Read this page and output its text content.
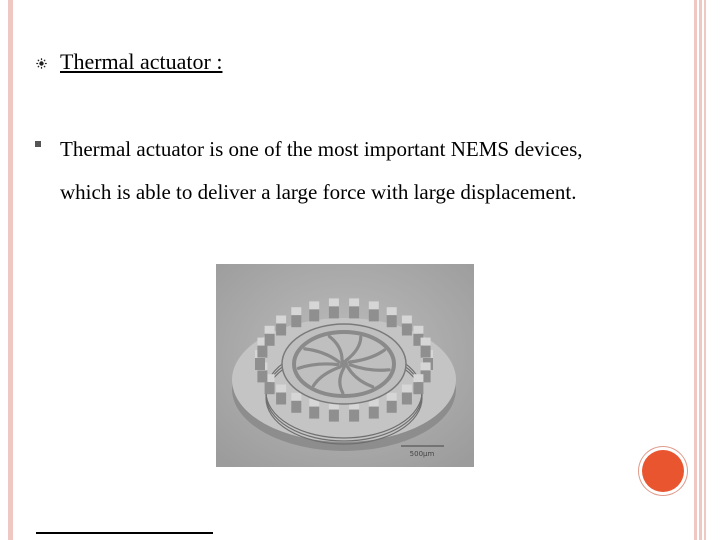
Thermal actuator :
Thermal actuator is one of the most important NEMS devices, which is able to deliver a large force with large displacement.
500µm
